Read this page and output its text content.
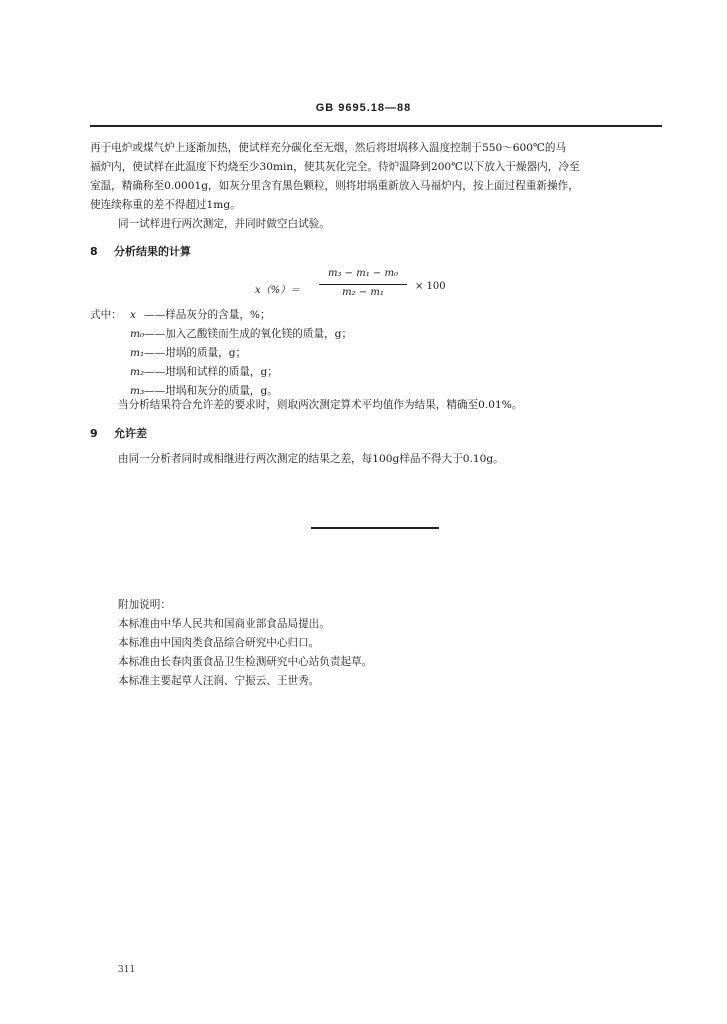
GB 9695.18—88
再于电炉或煤气炉上逐渐加热，使试样充分碳化至无烟，然后将坩埚移入温度控制于550～600℃的马
福炉内，使试样在此温度下灼烧至少30min，使其灰化完全。待炉温降到200℃以下放入干燥器内，冷至
室温，精确称至0.0001g，如灰分里含有黑色颗粒，则将坩埚重新放入马福炉内，按上面过程重新操作，
使连续称重的差不得超过1mg。
同一试样进行两次测定，并同时做空白试验。
8 分析结果的计算
x（%）＝
m₃ − m₁ − m₀
m₂ − m₁
× 100
式中： x ——样品灰分的含量，%；
m₀——加入乙酸镁而生成的氧化镁的质量，g；
m₁——坩埚的质量，g；
m₂——坩埚和试样的质量，g；
m₃——坩埚和灰分的质量，g。
当分析结果符合允许差的要求时，则取两次测定算术平均值作为结果，精确至0.01%。
9 允许差
由同一分析者同时或相继进行两次测定的结果之差，每100g样品不得大于0.10g。
附加说明：
本标准由中华人民共和国商业部食品局提出。
本标准由中国肉类食品综合研究中心归口。
本标准由长春肉蛋食品卫生检测研究中心站负责起草。
本标准主要起草人汪润、宁振云、王世秀。
311
